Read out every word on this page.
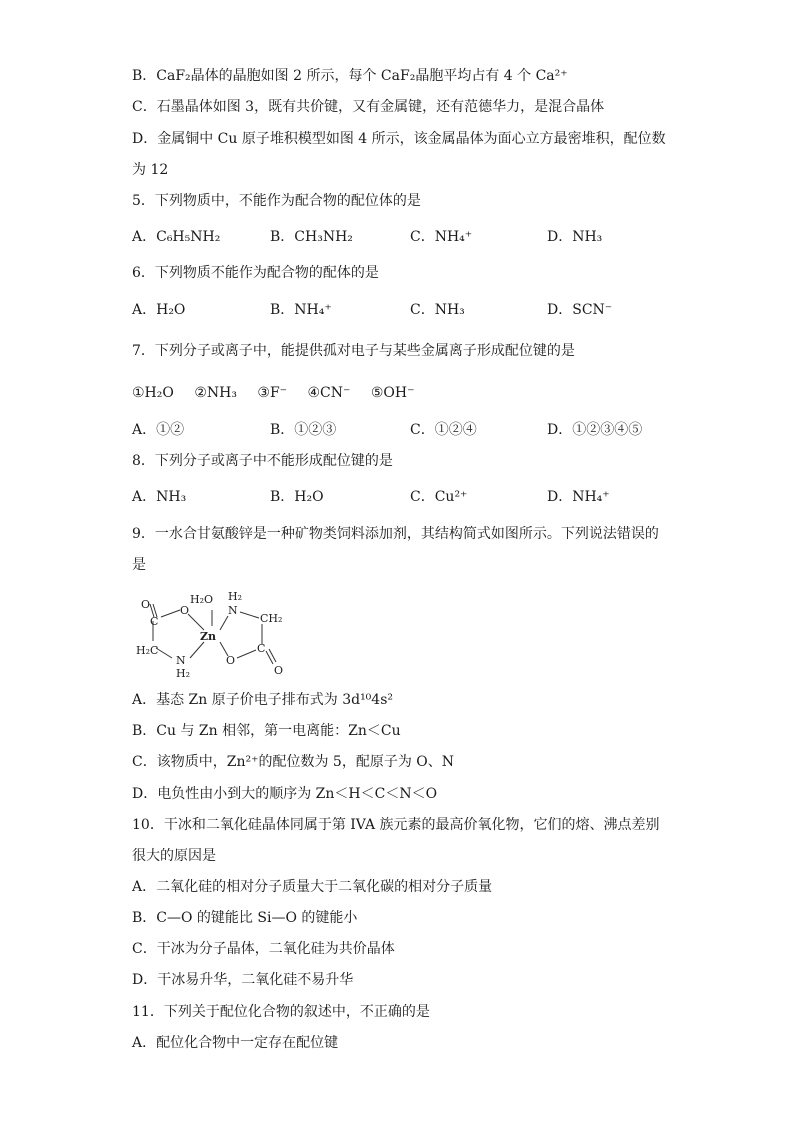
B．CaF₂晶体的晶胞如图 2 所示，每个 CaF₂晶胞平均占有 4 个 Ca²⁺
C．石墨晶体如图 3，既有共价键，又有金属键，还有范德华力，是混合晶体
D．金属铜中 Cu 原子堆积模型如图 4 所示，该金属晶体为面心立方最密堆积，配位数
为 12
5．下列物质中，不能作为配合物的配位体的是
A．C₆H₅NH₂	B．CH₃NH₂	C．NH₄⁺	D．NH₃
6．下列物质不能作为配合物的配体的是
A．H₂O	B．NH₄⁺	C．NH₃	D．SCN⁻
7．下列分子或离子中，能提供孤对电子与某些金属离子形成配位键的是
①H₂O ②NH₃ ③F⁻ ④CN⁻ ⑤OH⁻
A．①②	B．①②③	C．①②④	D．①②③④⑤
8．下列分子或离子中不能形成配位键的是
A．NH₃	B．H₂O	C．Cu²⁺	D．NH₄⁺
9．一水合甘氨酸锌是一种矿物类饲料添加剂，其结构简式如图所示。下列说法错误的
是
O
C
O
H₂O
Zn
H₂C
N
H₂
H₂
N
CH₂
C
O
O
A．基态 Zn 原子价电子排布式为 3d¹⁰4s²
B．Cu 与 Zn 相邻，第一电离能：Zn＜Cu
C．该物质中，Zn²⁺的配位数为 5，配原子为 O、N
D．电负性由小到大的顺序为 Zn＜H＜C＜N＜O
10．干冰和二氧化硅晶体同属于第 IVA 族元素的最高价氧化物，它们的熔、沸点差别
很大的原因是
A．二氧化硅的相对分子质量大于二氧化碳的相对分子质量
B．C—O 的键能比 Si—O 的键能小
C．干冰为分子晶体，二氧化硅为共价晶体
D．干冰易升华，二氧化硅不易升华
11．下列关于配位化合物的叙述中，不正确的是
A．配位化合物中一定存在配位键
